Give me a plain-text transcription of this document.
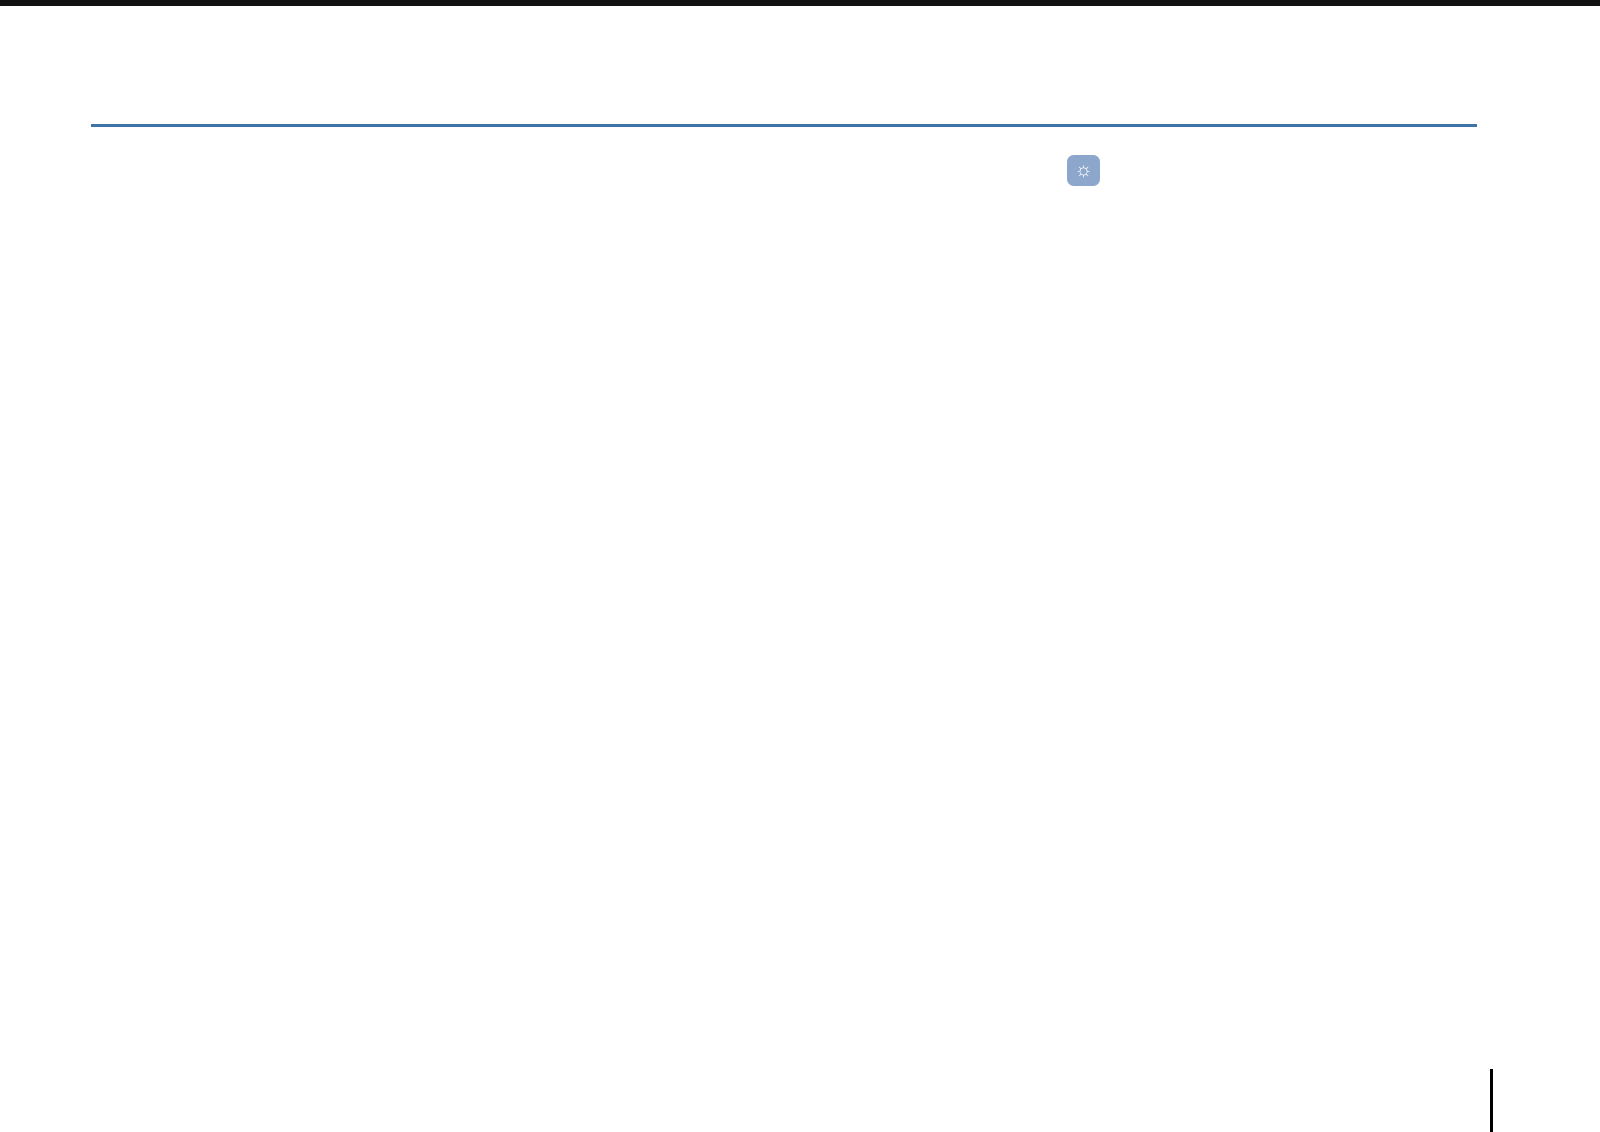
☼
